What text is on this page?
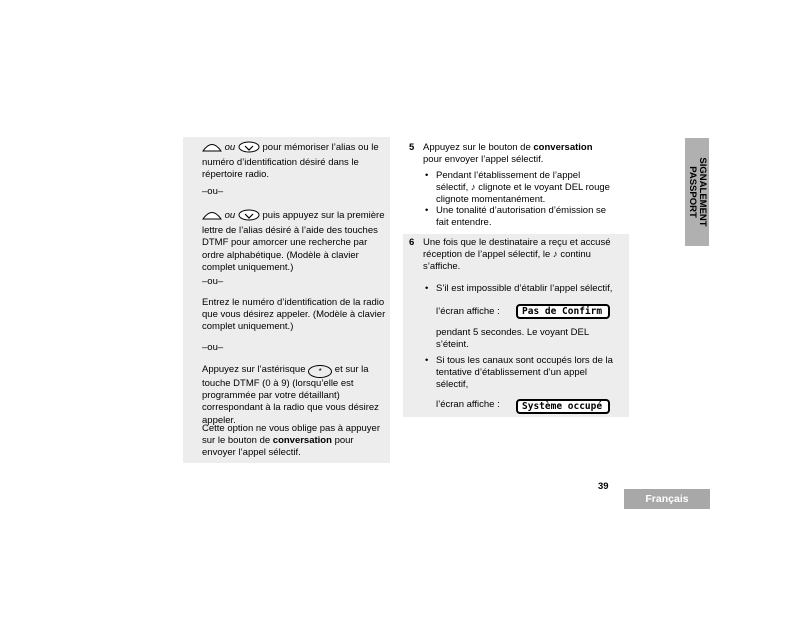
SIGNALEMENT
PASSPORT
ou	pour mémoriser l’alias ou le numéro d’identification désiré dans le répertoire radio.
–ou–
ou	puis appuyez sur la première lettre de l’alias désiré à l’aide des touches DTMF pour amorcer une recherche par ordre alphabétique. (Modèle à clavier complet uniquement.)
–ou–
Entrez le numéro d’identification de la radio que vous désirez appeler. (Modèle à clavier complet uniquement.)
–ou–
Appuyez sur l’astérisque * et sur la touche DTMF (0 à 9) (lorsqu’elle est programmée par votre détaillant) correspondant à la radio que vous désirez appeler.
Cette option ne vous oblige pas à appuyer sur le bouton de conversation pour envoyer l’appel sélectif.
5 Appuyez sur le bouton de conversation pour envoyer l’appel sélectif.
• Pendant l’établissement de l’appel sélectif, ♪ clignote et le voyant DEL rouge clignote momentanément.
• Une tonalité d’autorisation d’émission se fait entendre.
6 Une fois que le destinataire a reçu et accusé réception de l’appel sélectif, le ♪ continu s’affiche.
• S’il est impossible d’établir l’appel sélectif,
l’écran affiche :	Pas de Confirm
pendant 5 secondes. Le voyant DEL s’éteint.
• Si tous les canaux sont occupés lors de la tentative d’établissement d’un appel sélectif,
l’écran affiche :	Système occupé
39
Français
